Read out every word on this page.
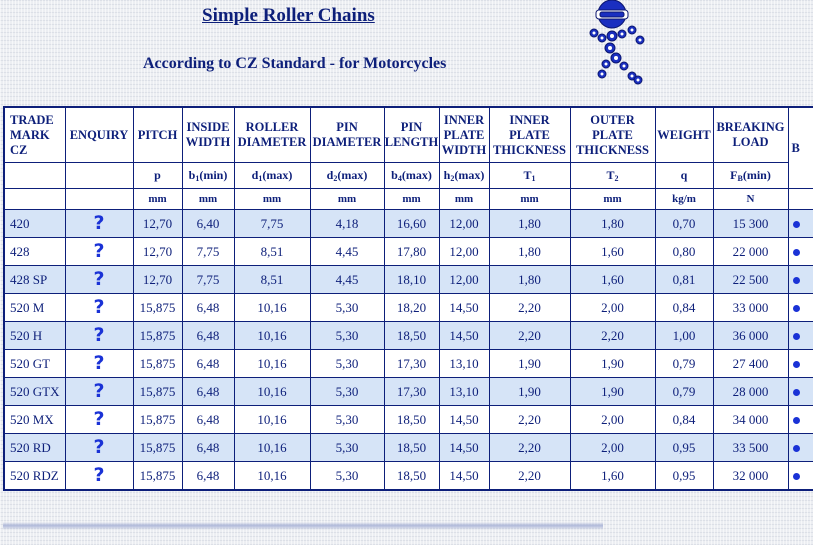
Simple Roller Chains
According to CZ Standard - for Motorcycles
TRADE MARK CZ	ENQUIRY	PITCH	INSIDE WIDTH	ROLLER DIAMETER	PIN DIAMETER	PIN LENGTH	INNER PLATE WIDTH	INNER PLATE THICKNESS	OUTER PLATE THICKNESS	WEIGHT	BREAKING LOAD	B
		p	$b_1(\min)$	$d_1(\max)$	$d_2(\max)$	$b_4(\max)$	$h_2(\max)$	$T_1$	$T_2$	q	$F_B(\min)$	
		mm	mm	mm	mm	mm	mm	mm	mm	kg/m	N	
420	?	12,70	6,40	7,75	4,18	16,60	12,00	1,80	1,80	0,70	15 300	
428	?	12,70	7,75	8,51	4,45	17,80	12,00	1,80	1,60	0,80	22 000	
428 SP	?	12,70	7,75	8,51	4,45	18,10	12,00	1,80	1,60	0,81	22 500	
520 M	?	15,875	6,48	10,16	5,30	18,20	14,50	2,20	2,00	0,84	33 000	
520 H	?	15,875	6,48	10,16	5,30	18,50	14,50	2,20	2,20	1,00	36 000	
520 GT	?	15,875	6,48	10,16	5,30	17,30	13,10	1,90	1,90	0,79	27 400	
520 GTX	?	15,875	6,48	10,16	5,30	17,30	13,10	1,90	1,90	0,79	28 000	
520 MX	?	15,875	6,48	10,16	5,30	18,50	14,50	2,20	2,00	0,84	34 000	
520 RD	?	15,875	6,48	10,16	5,30	18,50	14,50	2,20	2,00	0,95	33 500	
520 RDZ	?	15,875	6,48	10,16	5,30	18,50	14,50	2,20	1,60	0,95	32 000	
